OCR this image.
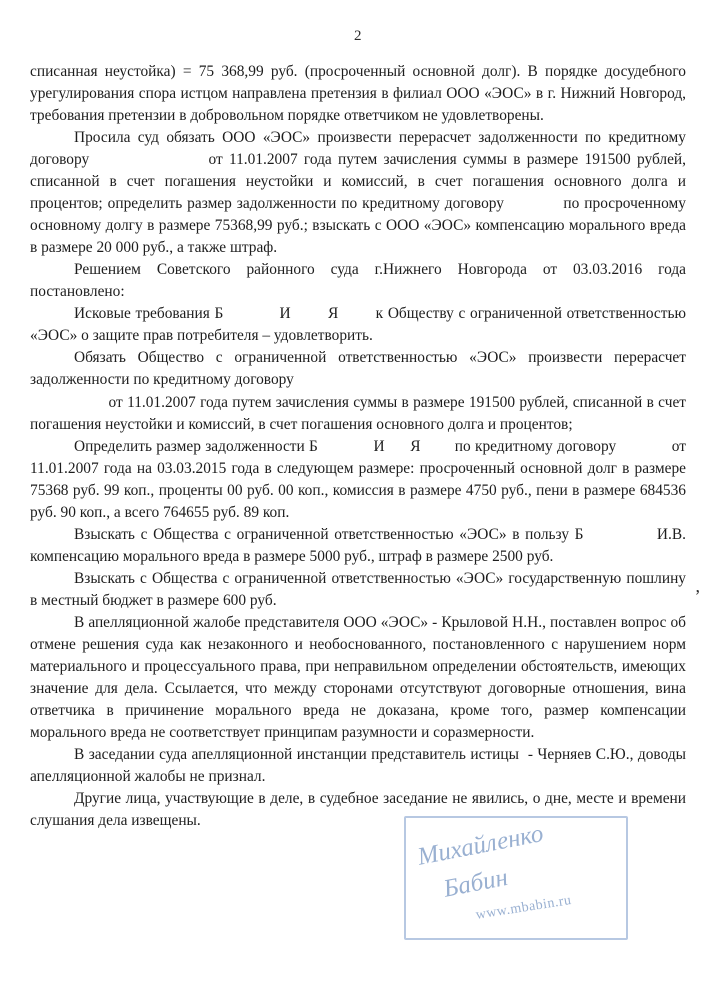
2

списанная неустойка) = 75 368,99 руб. (просроченный основной долг). В порядке досудебного урегулирования спора истцом направлена претензия в филиал ООО «ЭОС» в г. Нижний Новгород, требования претензии в добровольном порядке ответчиком не удовлетворены.

Просила суд обязать ООО «ЭОС» произвести перерасчет задолженности по кредитному договору                   от 11.01.2007 года путем зачисления суммы в размере 191500 рублей, списанной в счет погашения неустойки и комиссий, в счет погашения основного долга и процентов; определить размер задолженности по кредитному договору            по просроченному основному долгу в размере 75368,99 руб.; взыскать с ООО «ЭОС» компенсацию морального вреда в размере 20 000 руб., а также штраф.

Решением Советского районного суда г.Нижнего Новгорода от 03.03.2016 года постановлено:

Исковые требования Б            И        Я        к Обществу с ограниченной ответственностью «ЭОС» о защите прав потребителя – удовлетворить.

Обязать Общество с ограниченной ответственностью «ЭОС» произвести перерасчет задолженности по кредитному договору

от 11.01.2007 года путем зачисления суммы в размере 191500 рублей, списанной в счет погашения неустойки и комиссий, в счет погашения основного долга и процентов;

Определить размер задолженности Б             И      Я        по кредитному договору             от 11.01.2007 года на 03.03.2015 года в следующем размере: просроченный основной долг в размере 75368 руб. 99 коп., проценты 00 руб. 00 коп., комиссия в размере 4750 руб., пени в размере 684536 руб. 90 коп., а всего 764655 руб. 89 коп.

Взыскать с Общества с ограниченной ответственностью «ЭОС» в пользу Б             И.В. компенсацию морального вреда в размере 5000 руб., штраф в размере 2500 руб.

Взыскать с Общества с ограниченной ответственностью «ЭОС» государственную пошлину в местный бюджет в размере 600 руб.

В апелляционной жалобе представителя ООО «ЭОС» - Крыловой Н.Н., поставлен вопрос об отмене решения суда как незаконного и необоснованного, постановленного с нарушением норм материального и процессуального права, при неправильном определении обстоятельств, имеющих значение для дела. Ссылается, что между сторонами отсутствуют договорные отношения, вина ответчика в причинение морального вреда не доказана, кроме того, размер компенсации морального вреда не соответствует принципам разумности и соразмерности.

В заседании суда апелляционной инстанции представитель истицы  - Черняев С.Ю., доводы апелляционной жалобы не признал.

Другие лица, участвующие в деле, в судебное заседание не явились, о дне, месте и времени слушания дела извещены.

,
Михайленко
Бабин
www.mbabin.ru
